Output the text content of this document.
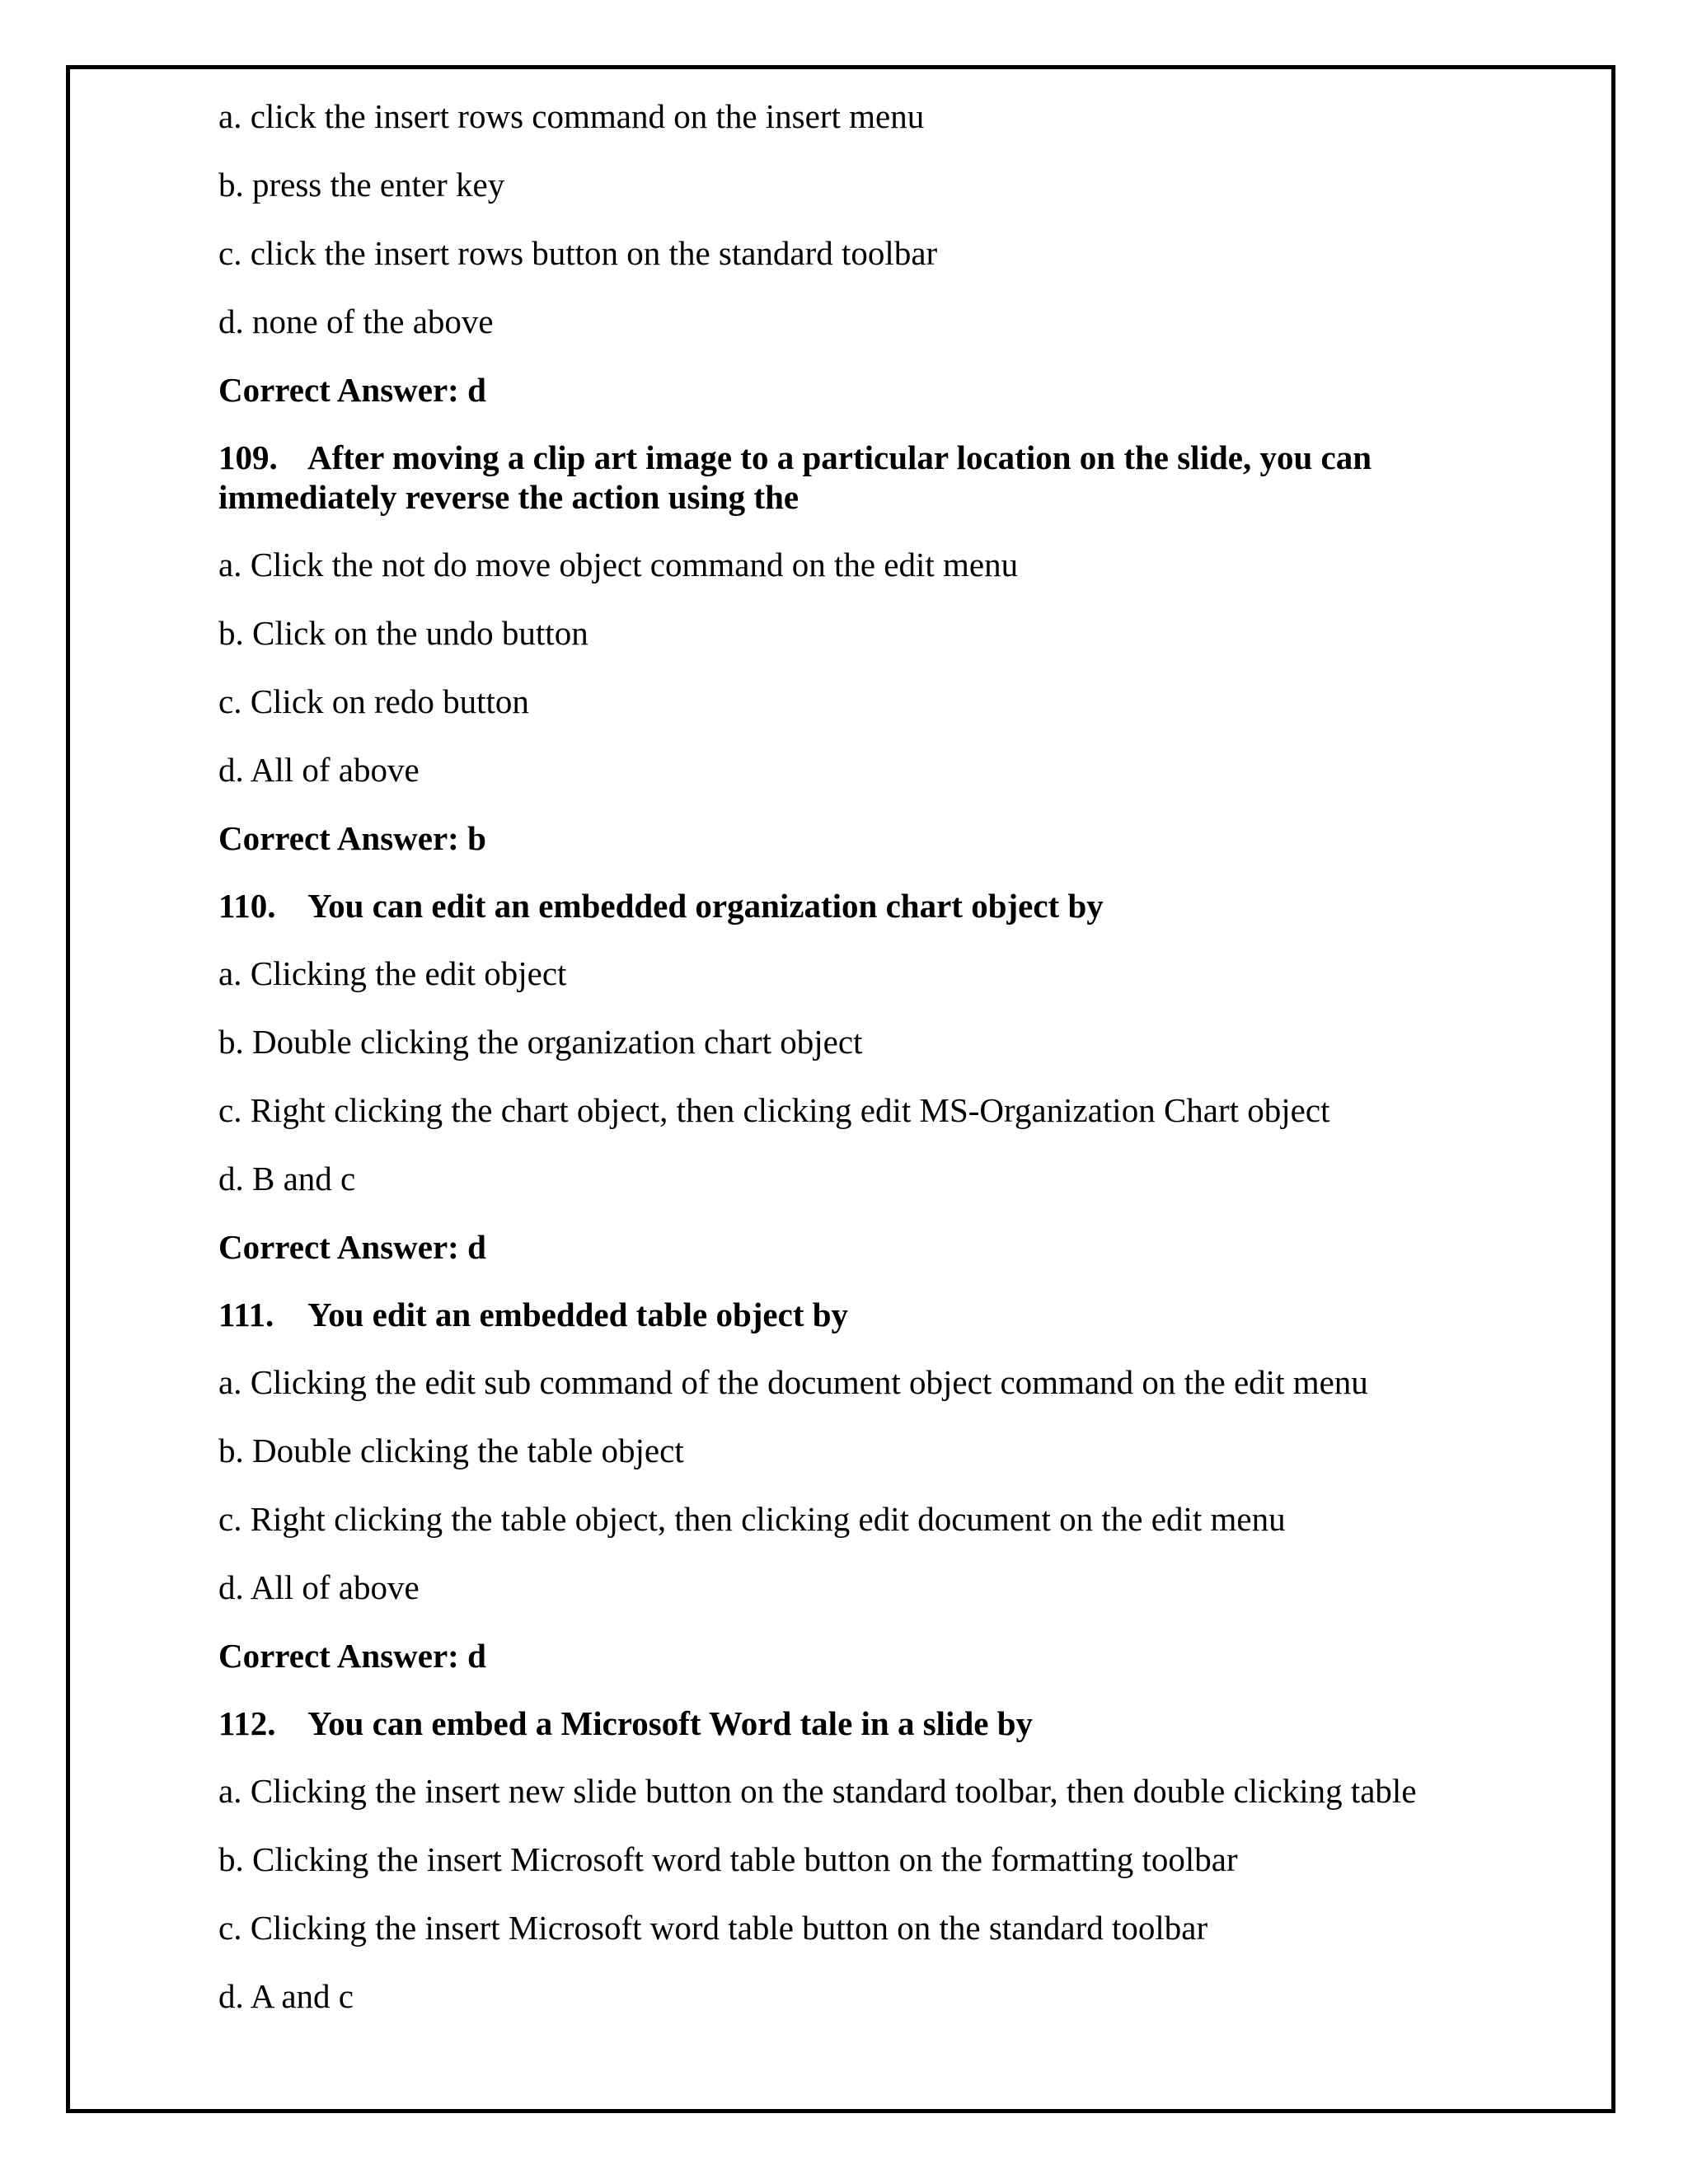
a. click the insert rows command on the insert menu
b. press the enter key
c. click the insert rows button on the standard toolbar
d. none of the above
Correct Answer: d
109. After moving a clip art image to a particular location on the slide, you can immediately reverse the action using the
a. Click the not do move object command on the edit menu
b. Click on the undo button
c. Click on redo button
d. All of above
Correct Answer: b
110. You can edit an embedded organization chart object by
a. Clicking the edit object
b. Double clicking the organization chart object
c. Right clicking the chart object, then clicking edit MS-Organization Chart object
d. B and c
Correct Answer: d
111. You edit an embedded table object by
a. Clicking the edit sub command of the document object command on the edit menu
b. Double clicking the table object
c. Right clicking the table object, then clicking edit document on the edit menu
d. All of above
Correct Answer: d
112. You can embed a Microsoft Word tale in a slide by
a. Clicking the insert new slide button on the standard toolbar, then double clicking table
b. Clicking the insert Microsoft word table button on the formatting toolbar
c. Clicking the insert Microsoft word table button on the standard toolbar
d. A and c
